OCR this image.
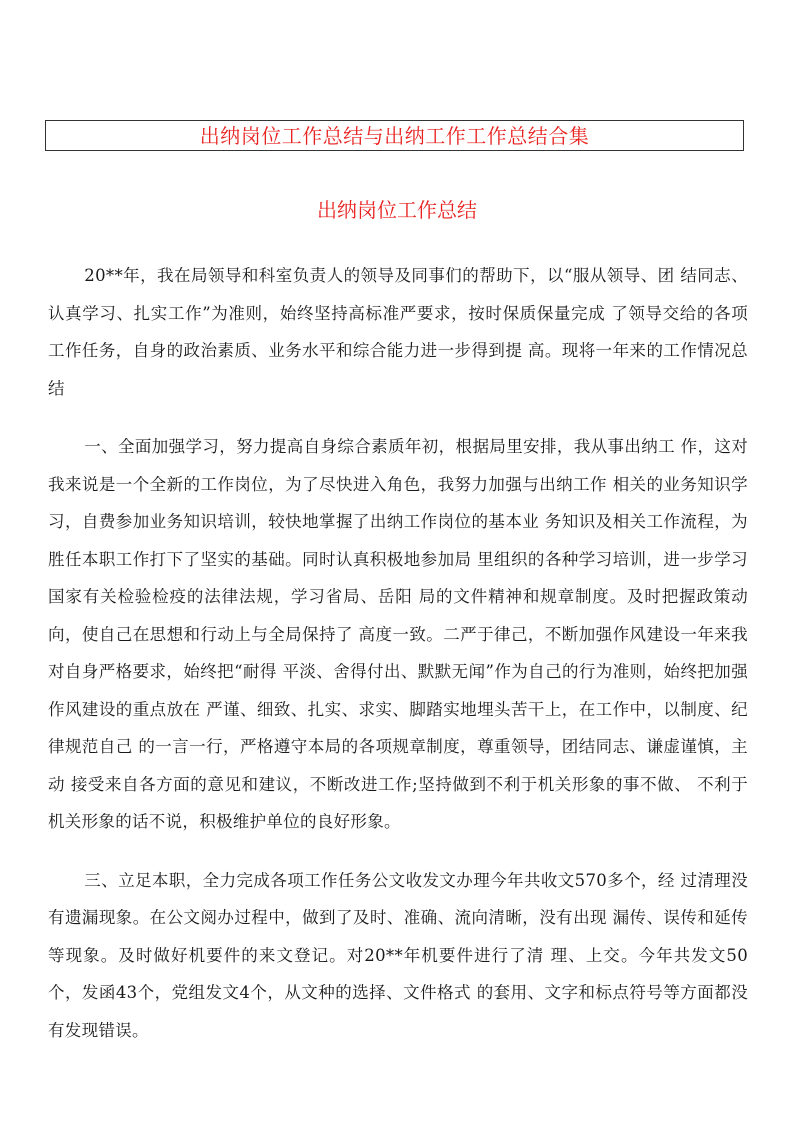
出纳岗位工作总结与出纳工作工作总结合集
出纳岗位工作总结

20**年，我在局领导和科室负责人的领导及同事们的帮助下，以“服从领导、团 结同志、认真学习、扎实工作”为准则，始终坚持高标准严要求，按时保质保量完成 了领导交给的各项工作任务，自身的政治素质、业务水平和综合能力进一步得到提 高。现将一年来的工作情况总结

一、全面加强学习，努力提高自身综合素质年初，根据局里安排，我从事出纳工 作，这对我来说是一个全新的工作岗位，为了尽快进入角色，我努力加强与出纳工作 相关的业务知识学习，自费参加业务知识培训，较快地掌握了出纳工作岗位的基本业 务知识及相关工作流程，为胜任本职工作打下了坚实的基础。同时认真积极地参加局 里组织的各种学习培训，进一步学习国家有关检验检疫的法律法规，学习省局、岳阳 局的文件精神和规章制度。及时把握政策动向，使自己在思想和行动上与全局保持了 高度一致。二严于律己，不断加强作风建设一年来我对自身严格要求，始终把“耐得 平淡、舍得付出、默默无闻”作为自己的行为准则，始终把加强作风建设的重点放在 严谨、细致、扎实、求实、脚踏实地埋头苦干上，在工作中，以制度、纪律规范自己 的一言一行，严格遵守本局的各项规章制度，尊重领导，团结同志、谦虚谨慎，主动 接受来自各方面的意见和建议，不断改进工作;坚持做到不利于机关形象的事不做、 不利于机关形象的话不说，积极维护单位的良好形象。

三、立足本职，全力完成各项工作任务公文收发文办理今年共收文570多个，经 过清理没有遗漏现象。在公文阅办过程中，做到了及时、准确、流向清晰，没有出现 漏传、误传和延传等现象。及时做好机要件的来文登记。对20**年机要件进行了清 理、上交。今年共发文50个，发函43个，党组发文4个，从文种的选择、文件格式 的套用、文字和标点符号等方面都没有发现错误。
